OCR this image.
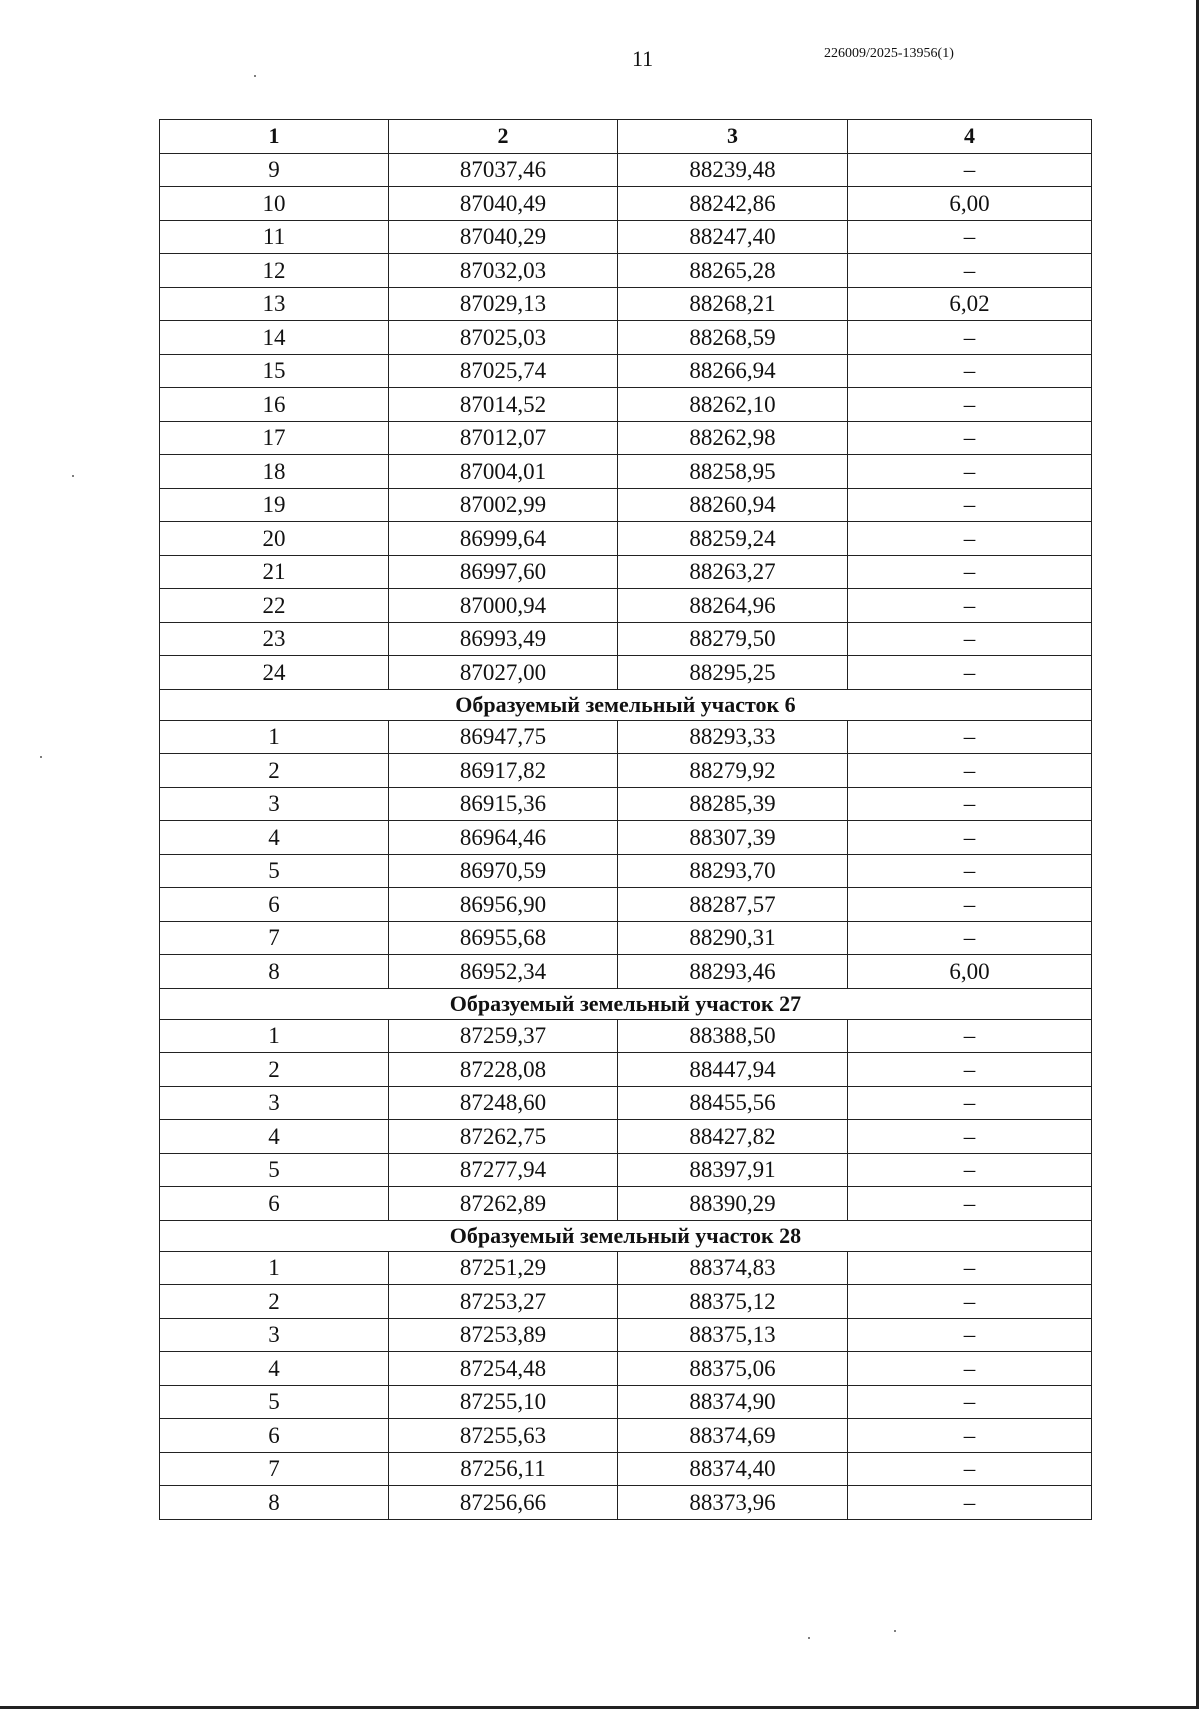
11	226009/2025-13956(1)
1	2	3	4
9	87037,46	88239,48	–
10	87040,49	88242,86	6,00
11	87040,29	88247,40	–
12	87032,03	88265,28	–
13	87029,13	88268,21	6,02
14	87025,03	88268,59	–
15	87025,74	88266,94	–
16	87014,52	88262,10	–
17	87012,07	88262,98	–
18	87004,01	88258,95	–
19	87002,99	88260,94	–
20	86999,64	88259,24	–
21	86997,60	88263,27	–
22	87000,94	88264,96	–
23	86993,49	88279,50	–
24	87027,00	88295,25	–
Образуемый земельный участок 6			
1	86947,75	88293,33	–
2	86917,82	88279,92	–
3	86915,36	88285,39	–
4	86964,46	88307,39	–
5	86970,59	88293,70	–
6	86956,90	88287,57	–
7	86955,68	88290,31	–
8	86952,34	88293,46	6,00
Образуемый земельный участок 27			
1	87259,37	88388,50	–
2	87228,08	88447,94	–
3	87248,60	88455,56	–
4	87262,75	88427,82	–
5	87277,94	88397,91	–
6	87262,89	88390,29	–
Образуемый земельный участок 28			
1	87251,29	88374,83	–
2	87253,27	88375,12	–
3	87253,89	88375,13	–
4	87254,48	88375,06	–
5	87255,10	88374,90	–
6	87255,63	88374,69	–
7	87256,11	88374,40	–
8	87256,66	88373,96	–
